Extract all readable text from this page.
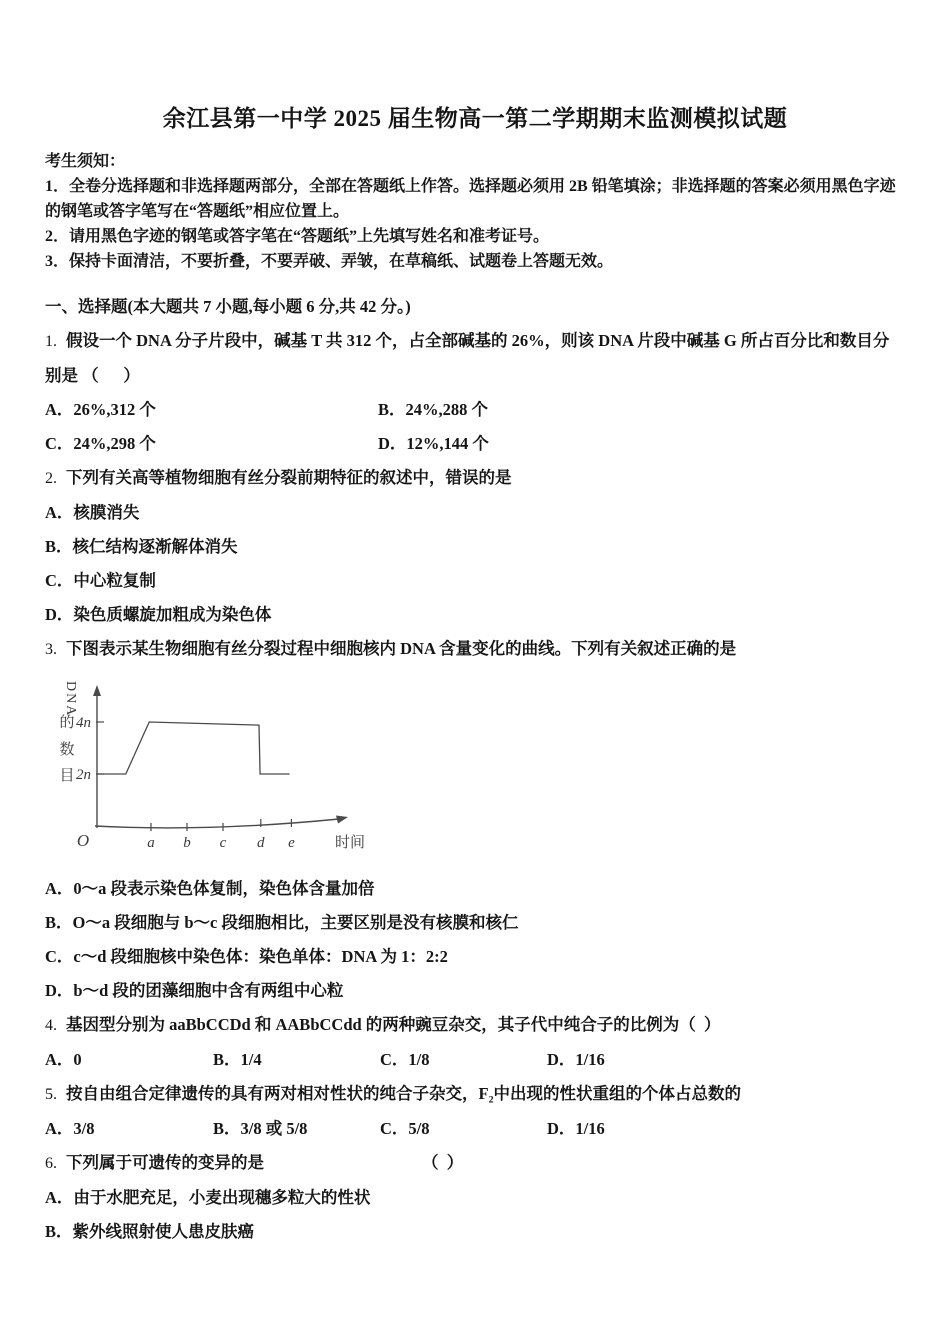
余江县第一中学 2025 届生物高一第二学期期末监测模拟试题

考生须知：

1．全卷分选择题和非选择题两部分，全部在答题纸上作答。选择题必须用 2B 铅笔填涂；非选择题的答案必须用黑色字迹的钢笔或答字笔写在“答题纸”相应位置上。

2．请用黑色字迹的钢笔或答字笔在“答题纸”上先填写姓名和准考证号。

3．保持卡面清洁，不要折叠，不要弄破、弄皱，在草稿纸、试题卷上答题无效。

一、选择题(本大题共 7 小题,每小题 6 分,共 42 分。)
1. 假设一个 DNA 分子片段中，碱基 T 共 312 个，占全部碱基的 26%，则该 DNA 片段中碱基 G 所占百分比和数目分
别是 （      ）
A．26%,312 个	B．24%,288 个
C．24%,298 个	D．12%,144 个
2. 下列有关高等植物细胞有丝分裂前期特征的叙述中，错误的是
A．核膜消失
B．核仁结构逐渐解体消失
C．中心粒复制
D．染色质螺旋加粗成为染色体
3. 下图表示某生物细胞有丝分裂过程中细胞核内 DNA 含量变化的曲线。下列有关叙述正确的是
4n
2n
a b c d e
O	时间
DNA
的
数
目
A．0〜a 段表示染色体复制，染色体含量加倍
B．O〜a 段细胞与 b〜c 段细胞相比，主要区别是没有核膜和核仁
C．c〜d 段细胞核中染色体：染色单体：DNA 为 1：2:2
D．b〜d 段的团藻细胞中含有两组中心粒
4. 基因型分别为 aaBbCCDd 和 AABbCCdd 的两种豌豆杂交，其子代中纯合子的比例为（  ）
A．0	B．1/4	C．1/8	D．1/16
5. 按自由组合定律遗传的具有两对相对性状的纯合子杂交，F₂中出现的性状重组的个体占总数的
A．3/8	B．3/8 或 5/8	C．5/8	D．1/16
6. 下列属于可遗传的变异的是	（  ）
A．由于水肥充足，小麦出现穗多粒大的性状
B．紫外线照射使人患皮肤癌
